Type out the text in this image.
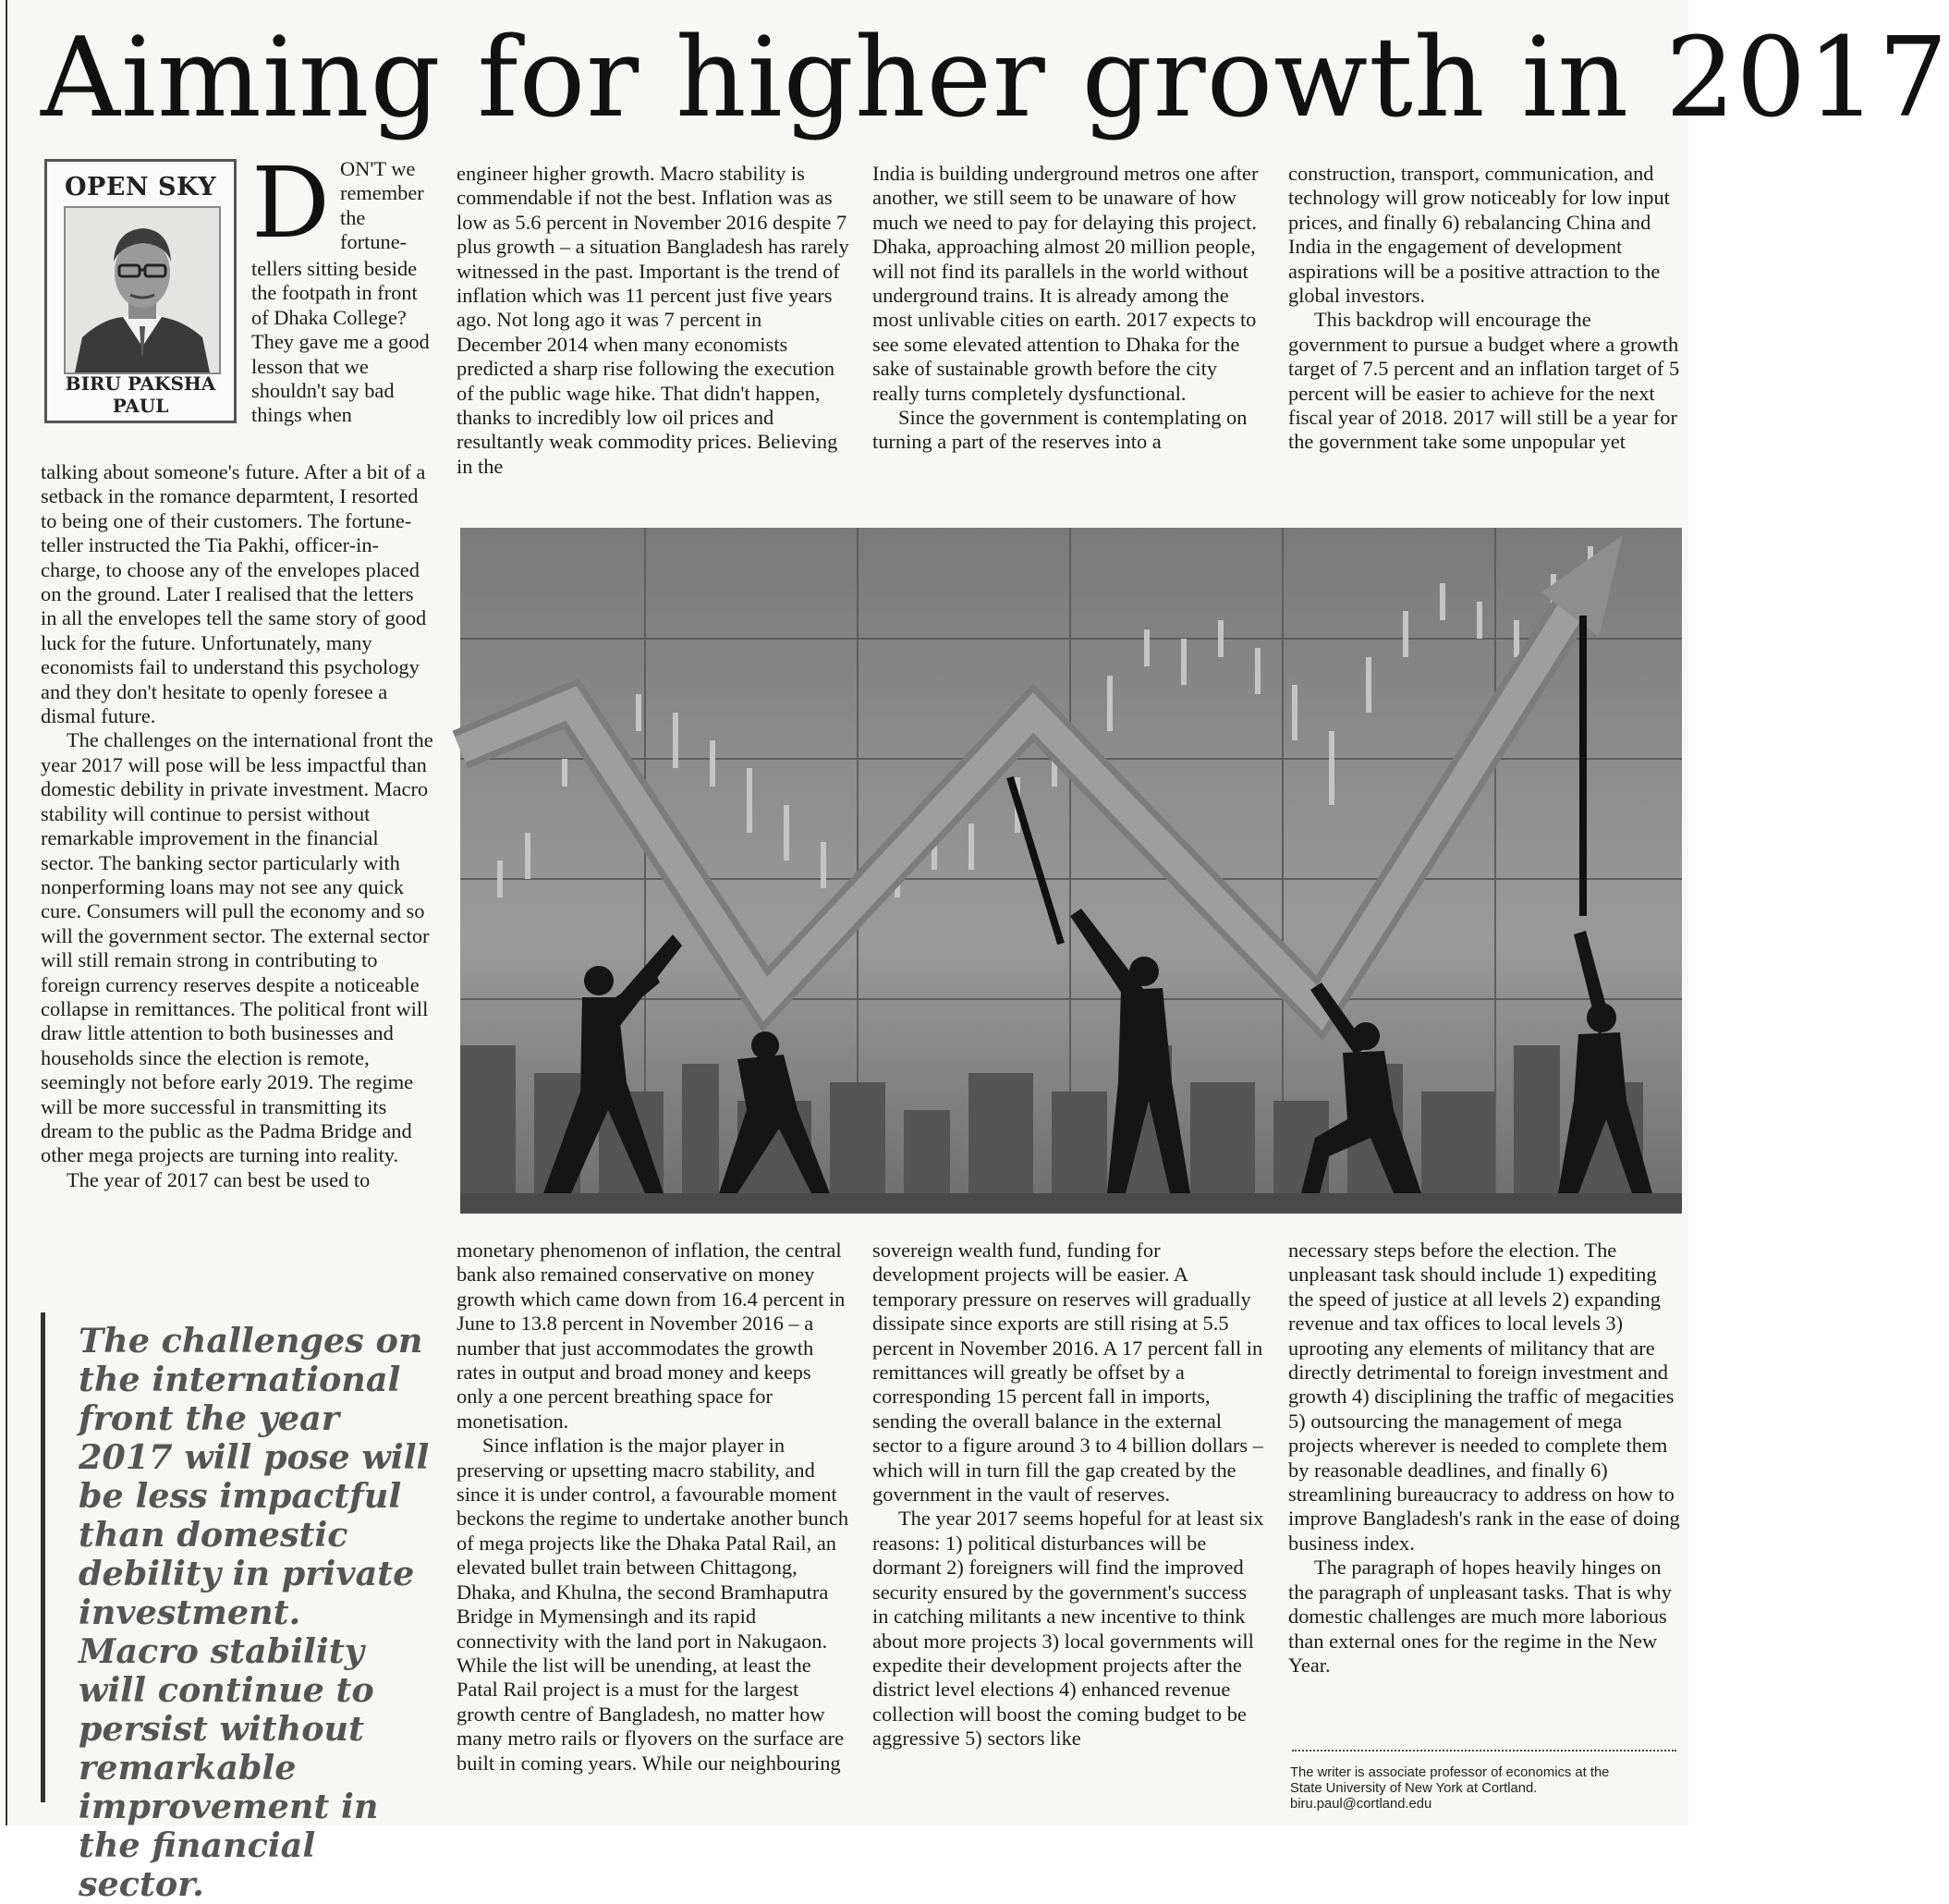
Aiming for higher growth in 2017
OPEN SKY
BIRU PAKSHA PAUL
D ON'T we remember the fortune-
tellers sitting beside the footpath in front of Dhaka College? They gave me a good lesson that we shouldn't say bad things when

talking about someone's future. After a bit of a setback in the romance deparmtent, I resorted to being one of their customers. The fortune-teller instructed the Tia Pakhi, officer-in-charge, to choose any of the envelopes placed on the ground. Later I realised that the letters in all the envelopes tell the same story of good luck for the future. Unfortunately, many economists fail to understand this psychology and they don't hesitate to openly foresee a dismal future.

The challenges on the international front the year 2017 will pose will be less impactful than domestic debility in private investment. Macro stability will continue to persist without remarkable improvement in the financial sector. The banking sector particularly with nonperforming loans may not see any quick cure. Consumers will pull the economy and so will the government sector. The external sector will still remain strong in contributing to foreign currency reserves despite a noticeable collapse in remittances. The political front will draw little attention to both businesses and households since the election is remote, seemingly not before early 2019. The regime will be more successful in transmitting its dream to the public as the Padma Bridge and other mega projects are turning into reality.

The year of 2017 can best be used to

engineer higher growth. Macro stability is commendable if not the best. Inflation was as low as 5.6 percent in November 2016 despite 7 plus growth – a situation Bangladesh has rarely witnessed in the past. Important is the trend of inflation which was 11 percent just five years ago. Not long ago it was 7 percent in December 2014 when many economists predicted a sharp rise following the execution of the public wage hike. That didn't happen, thanks to incredibly low oil prices and resultantly weak commodity prices. Believing in the

India is building underground metros one after another, we still seem to be unaware of how much we need to pay for delaying this project. Dhaka, approaching almost 20 million people, will not find its parallels in the world without underground trains. It is already among the most unlivable cities on earth. 2017 expects to see some elevated attention to Dhaka for the sake of sustainable growth before the city really turns completely dysfunctional.

Since the government is contemplating on turning a part of the reserves into a

construction, transport, communication, and technology will grow noticeably for low input prices, and finally 6) rebalancing China and India in the engagement of development aspirations will be a positive attraction to the global investors.

This backdrop will encourage the government to pursue a budget where a growth target of 7.5 percent and an inflation target of 5 percent will be easier to achieve for the next fiscal year of 2018. 2017 will still be a year for the government take some unpopular yet

The challenges on the international front the year 2017 will pose will be less impactful than domestic debility in private investment. Macro stability will continue to persist without remarkable improvement in the financial sector.

monetary phenomenon of inflation, the central bank also remained conservative on money growth which came down from 16.4 percent in June to 13.8 percent in November 2016 – a number that just accommodates the growth rates in output and broad money and keeps only a one percent breathing space for monetisation.

Since inflation is the major player in preserving or upsetting macro stability, and since it is under control, a favourable moment beckons the regime to undertake another bunch of mega projects like the Dhaka Patal Rail, an elevated bullet train between Chittagong, Dhaka, and Khulna, the second Bramhaputra Bridge in Mymensingh and its rapid connectivity with the land port in Nakugaon. While the list will be unending, at least the Patal Rail project is a must for the largest growth centre of Bangladesh, no matter how many metro rails or flyovers on the surface are built in coming years. While our neighbouring

sovereign wealth fund, funding for development projects will be easier. A temporary pressure on reserves will gradually dissipate since exports are still rising at 5.5 percent in November 2016. A 17 percent fall in remittances will greatly be offset by a corresponding 15 percent fall in imports, sending the overall balance in the external sector to a figure around 3 to 4 billion dollars – which will in turn fill the gap created by the government in the vault of reserves.

The year 2017 seems hopeful for at least six reasons: 1) political disturbances will be dormant 2) foreigners will find the improved security ensured by the government's success in catching militants a new incentive to think about more projects 3) local governments will expedite their development projects after the district level elections 4) enhanced revenue collection will boost the coming budget to be aggressive 5) sectors like

necessary steps before the election. The unpleasant task should include 1) expediting the speed of justice at all levels 2) expanding revenue and tax offices to local levels 3) uprooting any elements of militancy that are directly detrimental to foreign investment and growth 4) disciplining the traffic of megacities 5) outsourcing the management of mega projects wherever is needed to complete them by reasonable deadlines, and finally 6) streamlining bureaucracy to address on how to improve Bangladesh's rank in the ease of doing business index.

The paragraph of hopes heavily hinges on the paragraph of unpleasant tasks. That is why domestic challenges are much more laborious than external ones for the regime in the New Year.

The writer is associate professor of economics at the
State University of New York at Cortland.
biru.paul@cortland.edu
